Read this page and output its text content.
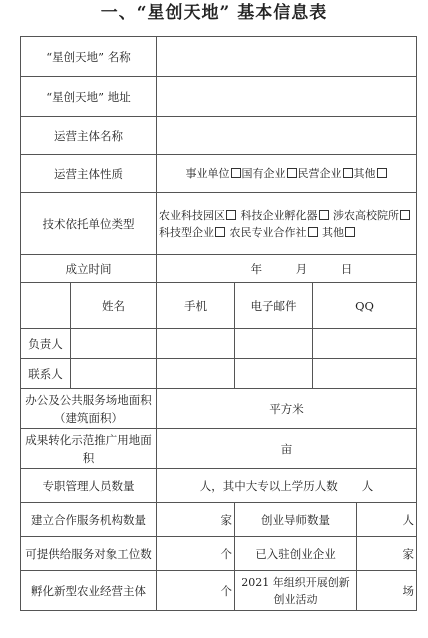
一、“星创天地” 基本信息表
“星创天地” 名称					
“星创天地” 地址					
运营主体名称					
运营主体性质		事业单位 国有企业 民营企业 其他			
技术依托单位类型		农业科技园区 科技企业孵化器 涉农高校院所 科技型企业 农民专业合作社 其他			
成立时间		年 月 日			
	姓名	手机	电子邮件	QQ	
负责人					
联系人					
办公及公共服务场地面积（建筑面积）		平方米			
成果转化示范推广用地面积		亩			
专职管理人员数量		人，其中大专以上学历人数 人			
建立合作服务机构数量		家	创业导师数量		人
可提供给服务对象工位数		个	已入驻创业企业		家
孵化新型农业经营主体		个	2021 年组织开展创新创业活动		场
